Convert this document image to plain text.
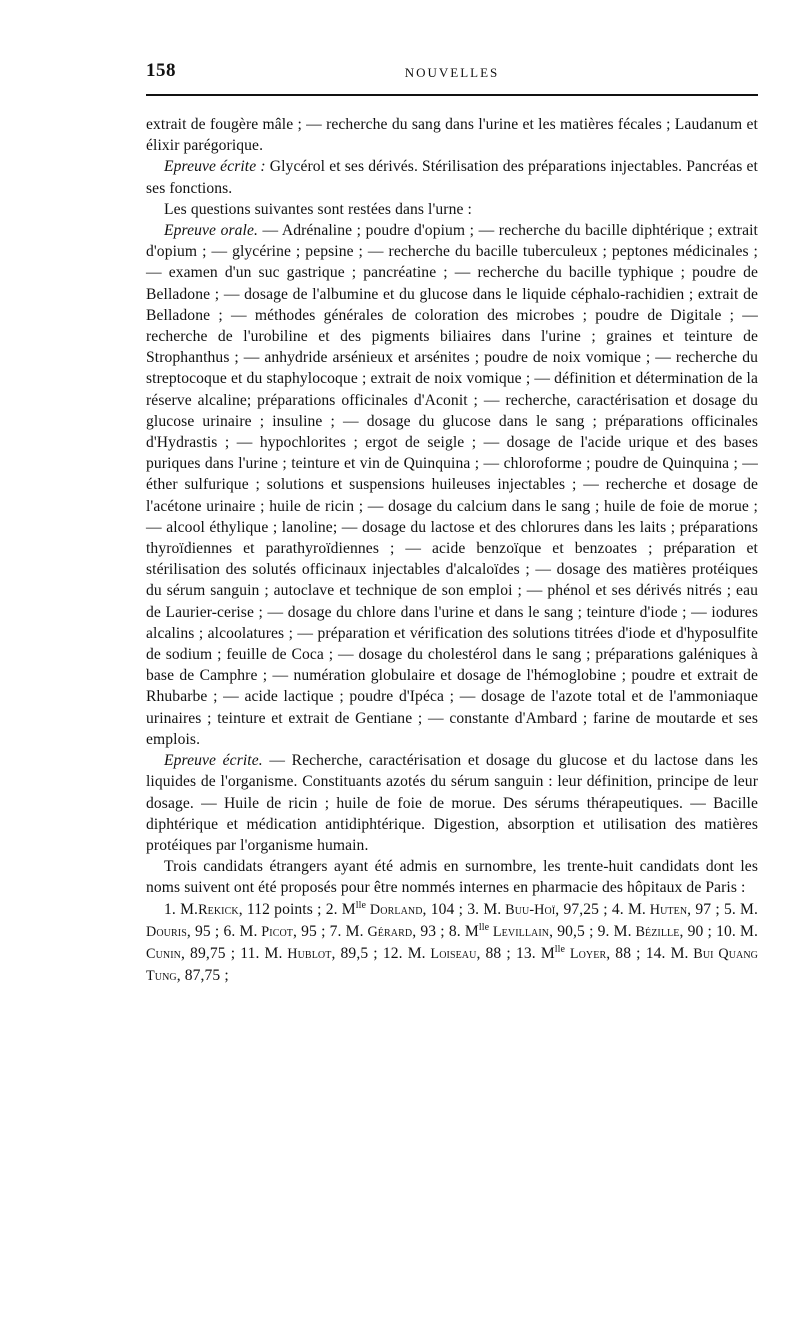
158	NOUVELLES

extrait de fougère mâle ; — recherche du sang dans l'urine et les matières fécales ; Laudanum et élixir parégorique.

Epreuve écrite : Glycérol et ses dérivés. Stérilisation des préparations injectables. Pancréas et ses fonctions.

Les questions suivantes sont restées dans l'urne :

Epreuve orale. — Adrénaline ; poudre d'opium ; — recherche du bacille diphtérique ; extrait d'opium ; — glycérine ; pepsine ; — recherche du bacille tuberculeux ; peptones médicinales ; — examen d'un suc gastrique ; pancréatine ; — recherche du bacille typhique ; poudre de Belladone ; — dosage de l'albumine et du glucose dans le liquide céphalo-rachidien ; extrait de Belladone ; — méthodes générales de coloration des microbes ; poudre de Digitale ; — recherche de l'urobiline et des pigments biliaires dans l'urine ; graines et teinture de Strophanthus ; — anhydride arsénieux et arsénites ; poudre de noix vomique ; — recherche du streptocoque et du staphylocoque ; extrait de noix vomique ; — définition et détermination de la réserve alcaline; préparations officinales d'Aconit ; — recherche, caractérisation et dosage du glucose urinaire ; insuline ; — dosage du glucose dans le sang ; préparations officinales d'Hydrastis ; — hypochlorites ; ergot de seigle ; — dosage de l'acide urique et des bases puriques dans l'urine ; teinture et vin de Quinquina ; — chloroforme ; poudre de Quinquina ; — éther sulfurique ; solutions et suspensions huileuses injectables ; — recherche et dosage de l'acétone urinaire ; huile de ricin ; — dosage du calcium dans le sang ; huile de foie de morue ; — alcool éthylique ; lanoline; — dosage du lactose et des chlorures dans les laits ; préparations thyroïdiennes et parathyroïdiennes ; — acide benzoïque et benzoates ; préparation et stérilisation des solutés officinaux injectables d'alcaloïdes ; — dosage des matières protéiques du sérum sanguin ; autoclave et technique de son emploi ; — phénol et ses dérivés nitrés ; eau de Laurier-cerise ; — dosage du chlore dans l'urine et dans le sang ; teinture d'iode ; — iodures alcalins ; alcoolatures ; — préparation et vérification des solutions titrées d'iode et d'hyposulfite de sodium ; feuille de Coca ; — dosage du cholestérol dans le sang ; préparations galéniques à base de Camphre ; — numération globulaire et dosage de l'hémoglobine ; poudre et extrait de Rhubarbe ; — acide lactique ; poudre d'Ipéca ; — dosage de l'azote total et de l'ammoniaque urinaires ; teinture et extrait de Gentiane ; — constante d'Ambard ; farine de moutarde et ses emplois.

Epreuve écrite. — Recherche, caractérisation et dosage du glucose et du lactose dans les liquides de l'organisme. Constituants azotés du sérum sanguin : leur définition, principe de leur dosage. — Huile de ricin ; huile de foie de morue. Des sérums thérapeutiques. — Bacille diphtérique et médication antidiphtérique. Digestion, absorption et utilisation des matières protéiques par l'organisme humain.

Trois candidats étrangers ayant été admis en surnombre, les trente-huit candidats dont les noms suivent ont été proposés pour être nommés internes en pharmacie des hôpitaux de Paris :

1. M.Rekick, 112 points ; 2. $M^{lle}$ Dorland, 104 ; 3. M. Buu-Hoï, 97,25 ; 4. M. Huten, 97 ; 5. M. Douris, 95 ; 6. M. Picot, 95 ; 7. M. Gérard, 93 ; 8. $M^{lle}$ Levillain, 90,5 ; 9. M. Bézille, 90 ; 10. M. Cunin, 89,75 ; 11. M. Hublot, 89,5 ; 12. M. Loiseau, 88 ; 13. $M^{lle}$ Loyer, 88 ; 14. M. Bui Quang Tung, 87,75 ;
